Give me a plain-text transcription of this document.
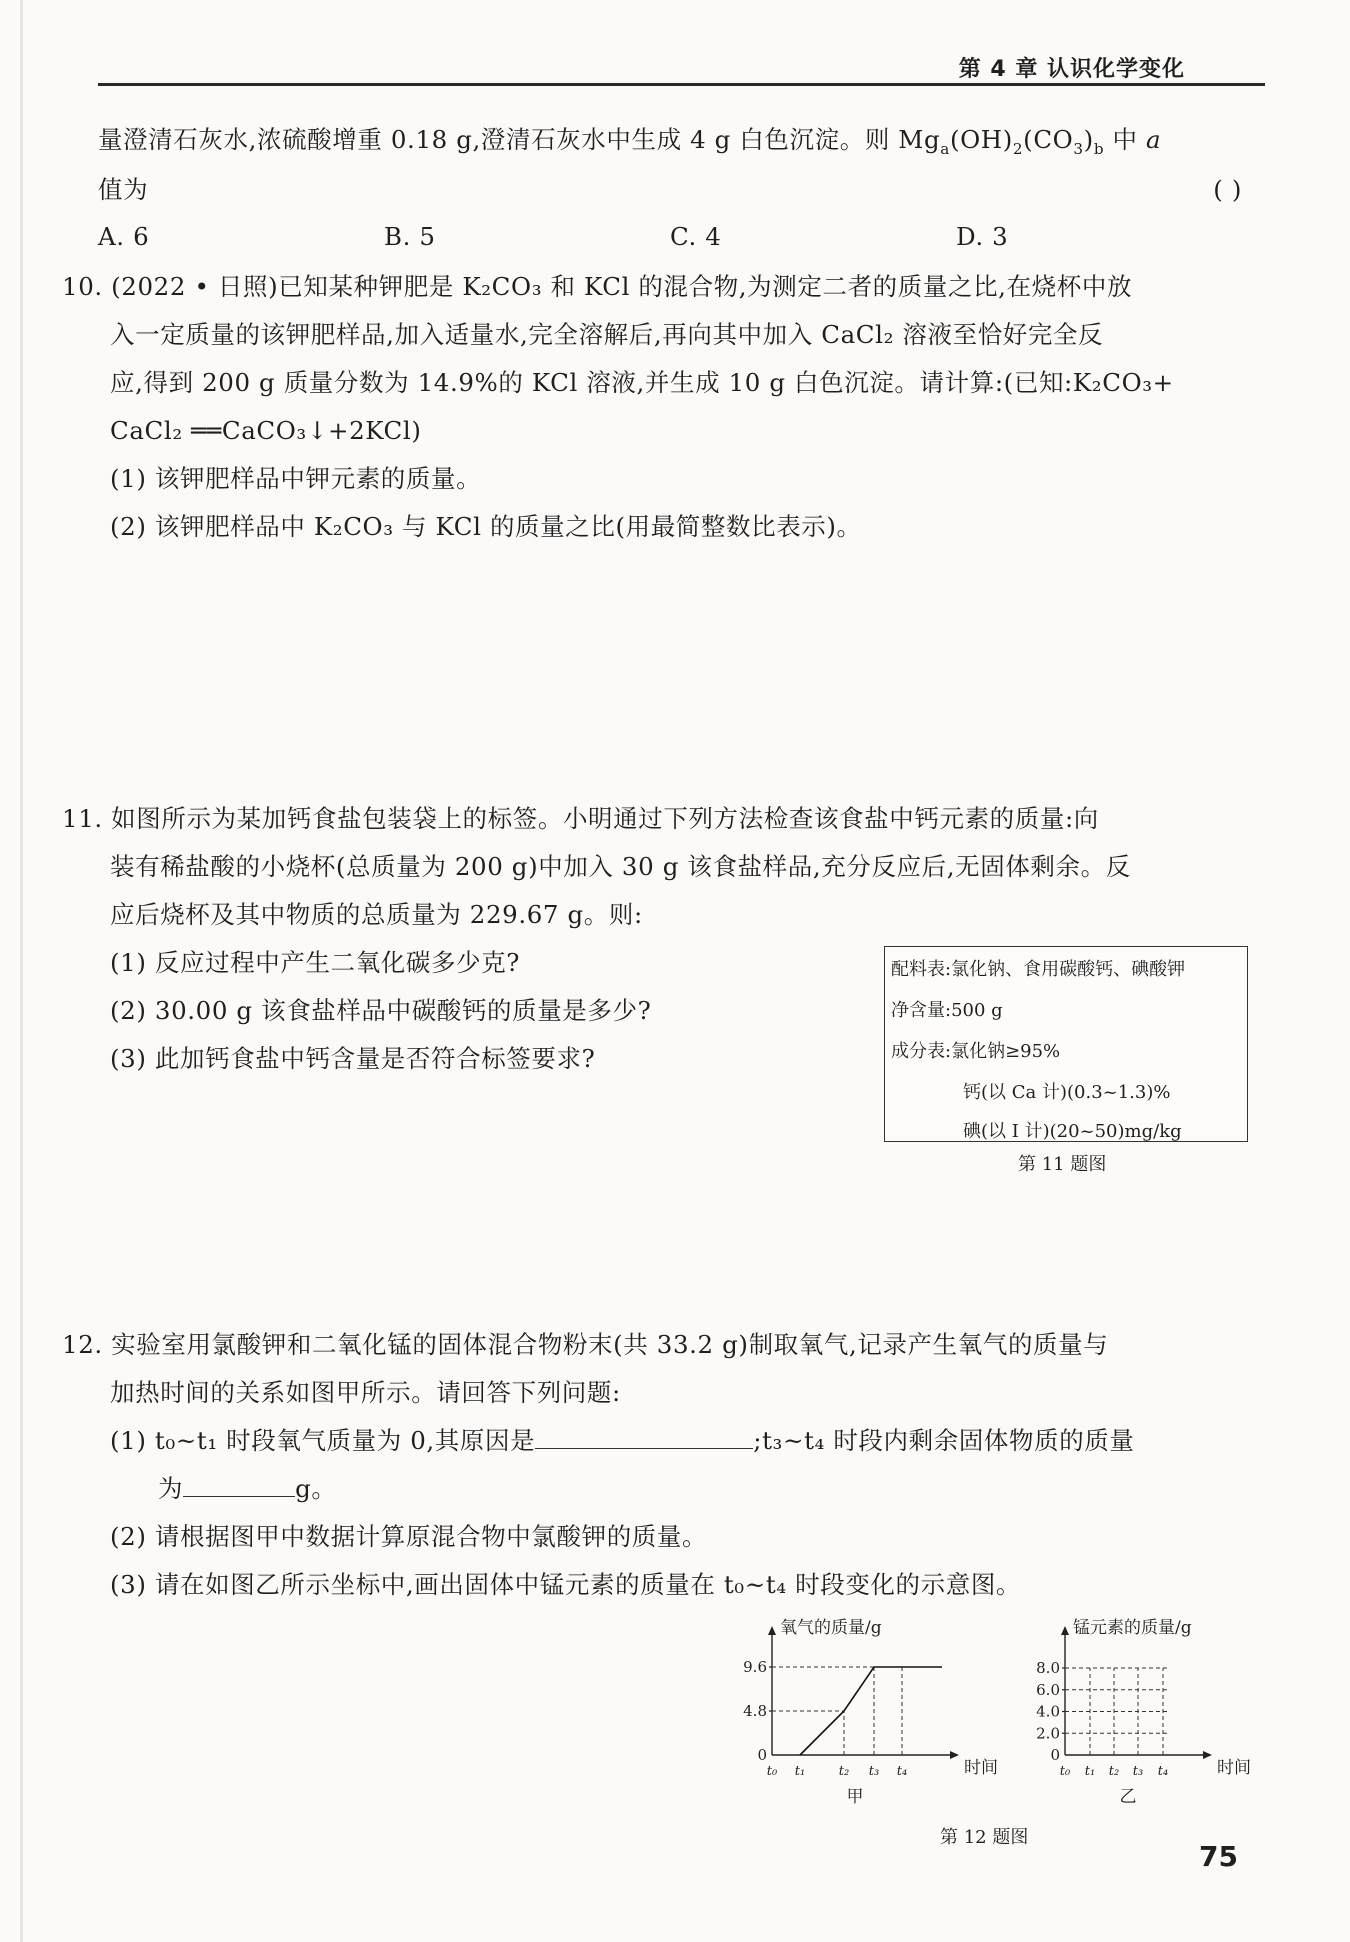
第 4 章 认识化学变化
量澄清石灰水,浓硫酸增重 0.18 g,澄清石灰水中生成 4 g 白色沉淀。则 $Mg_a(OH)_2(CO_3)_b$ 中 a
值为	( )
A. 6	B. 5	C. 4	D. 3
10. (2022 • 日照)已知某种钾肥是 K₂CO₃ 和 KCl 的混合物,为测定二者的质量之比,在烧杯中放
入一定质量的该钾肥样品,加入适量水,完全溶解后,再向其中加入 CaCl₂ 溶液至恰好完全反
应,得到 200 g 质量分数为 14.9%的 KCl 溶液,并生成 10 g 白色沉淀。请计算:(已知:K₂CO₃+
CaCl₂ ══CaCO₃↓+2KCl)
(1) 该钾肥样品中钾元素的质量。
(2) 该钾肥样品中 K₂CO₃ 与 KCl 的质量之比(用最简整数比表示)。
11. 如图所示为某加钙食盐包装袋上的标签。小明通过下列方法检查该食盐中钙元素的质量:向
装有稀盐酸的小烧杯(总质量为 200 g)中加入 30 g 该食盐样品,充分反应后,无固体剩余。反
应后烧杯及其中物质的总质量为 229.67 g。则:
(1) 反应过程中产生二氧化碳多少克?
(2) 30.00 g 该食盐样品中碳酸钙的质量是多少?
(3) 此加钙食盐中钙含量是否符合标签要求?
配料表:氯化钠、食用碳酸钙、碘酸钾
净含量:500 g
成分表:氯化钠≥95%
钙(以 Ca 计)(0.3~1.3)%
碘(以 I 计)(20~50)mg/kg
第 11 题图
12. 实验室用氯酸钾和二氧化锰的固体混合物粉末(共 33.2 g)制取氧气,记录产生氧气的质量与
加热时间的关系如图甲所示。请回答下列问题:
(1) t₀~t₁ 时段氧气质量为 0,其原因是	;t₃~t₄ 时段内剩余固体物质的质量
为	g。
(2) 请根据图甲中数据计算原混合物中氯酸钾的质量。
(3) 请在如图乙所示坐标中,画出固体中锰元素的质量在 t₀~t₄ 时段变化的示意图。
氧气的质量/g
时间
0
4.8
9.6
t₀ t₁	t₂ t₃ t₄
甲
锰元素的质量/g
时间
0
2.0
4.0
6.0
8.0
t₀ t₁ t₂ t₃ t₄
乙
第 12 题图
75
